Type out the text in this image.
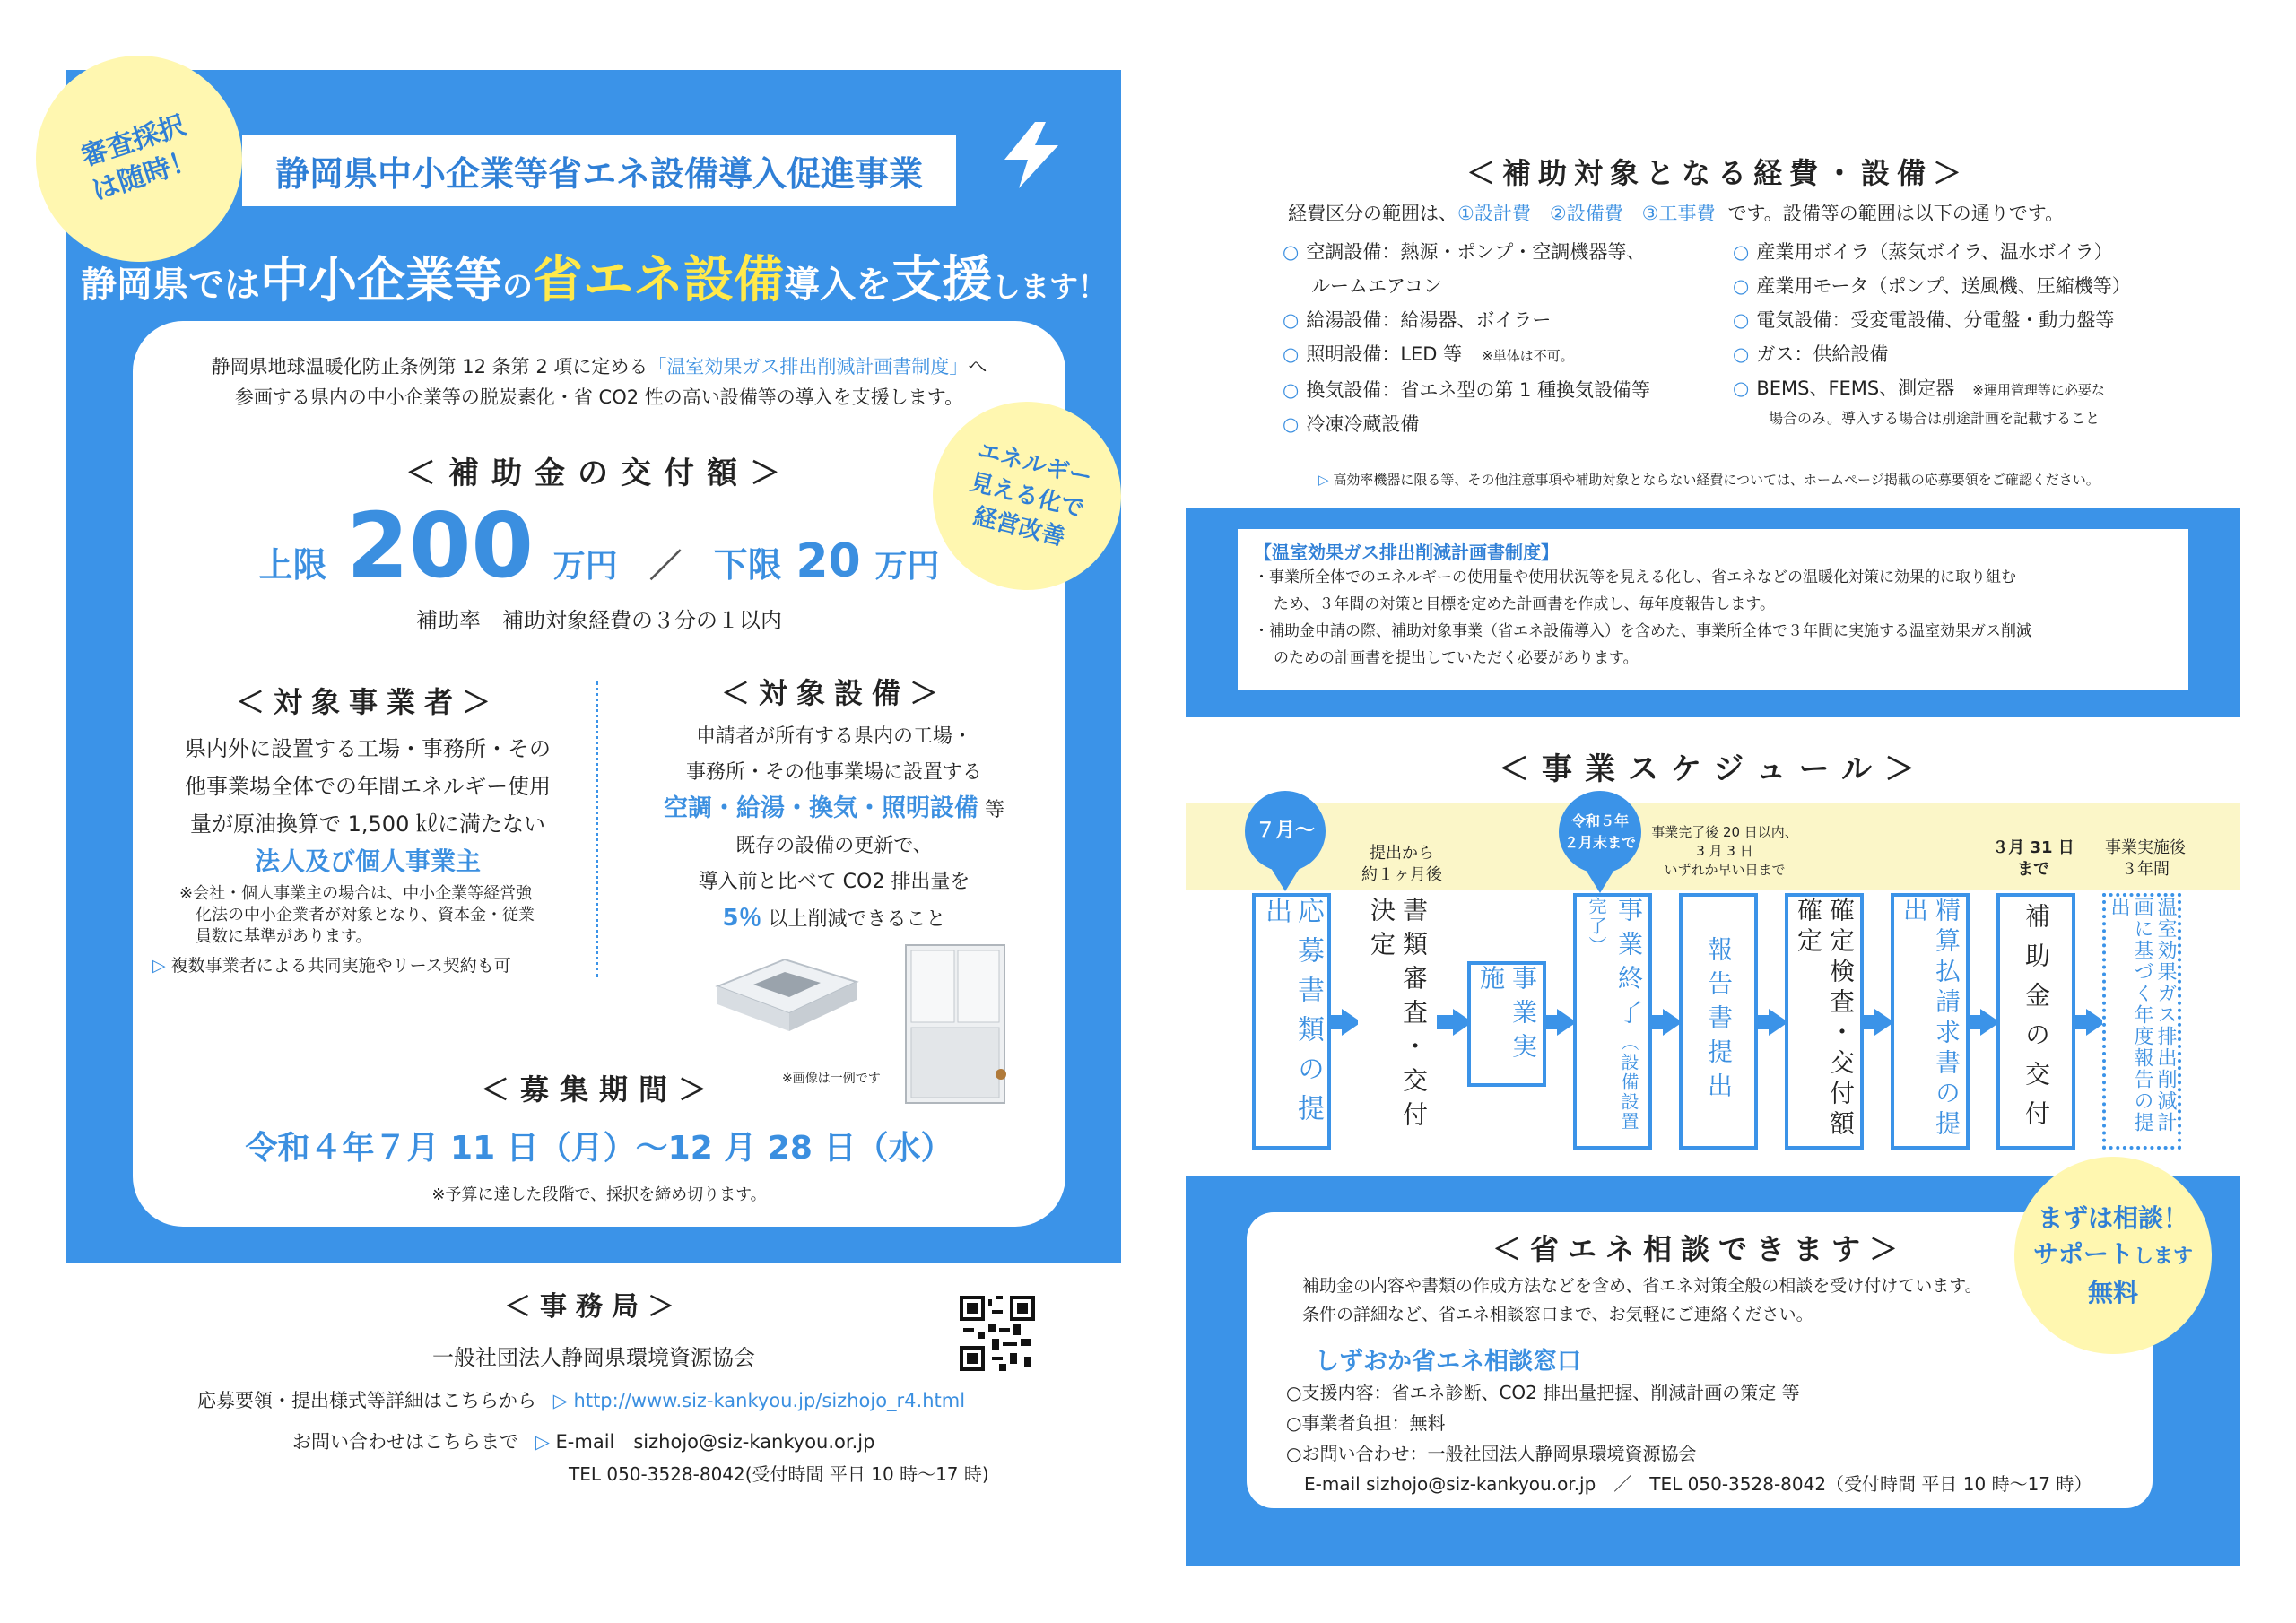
審査採択
は随時！	静岡県中小企業等省エネ設備導入促進事業
静岡県では中小企業等の省エネ設備導入を支援します！
静岡県地球温暖化防止条例第 12 条第 2 項に定める「温室効果ガス排出削減計画書制度」へ
参画する県内の中小企業等の脱炭素化・省 CO2 性の高い設備等の導入を支援します。
エネルギー
見える化で
経営改善
＜補助金の交付額＞
上限 200 万円 ／ 下限 20 万円
補助率　補助対象経費の３分の１以内
＜対象事業者＞
県内外に設置する工場・事務所・その
他事業場全体での年間エネルギー使用
量が原油換算で 1,500 ㎘に満たない
法人及び個人事業主
※会社・個人事業主の場合は、中小企業等経営強
化法の中小企業者が対象となり、資本金・従業
員数に基準があります。
▷ 複数事業者による共同実施やリース契約も可
＜対象設備＞
申請者が所有する県内の工場・
事務所・その他事業場に設置する
空調・給湯・換気・照明設備 等
既存の設備の更新で、
導入前と比べて CO2 排出量を
5％ 以上削減できること
※画像は一例です
＜募集期間＞
令和４年７月 11 日（月）～12 月 28 日（水）
※予算に達した段階で、採択を締め切ります。
＜事務局＞
一般社団法人静岡県環境資源協会
応募要領・提出様式等詳細はこちらから ▷ http://www.siz-kankyou.jp/sizhojo_r4.html
お問い合わせはこちらまで ▷ E-mail　sizhojo@siz-kankyou.or.jp
TEL 050-3528-8042(受付時間 平日 10 時～17 時)
＜補助対象となる経費・設備＞
経費区分の範囲は、①設計費　②設備費　③工事費 です。設備等の範囲は以下の通りです。
○ 空調設備：熱源・ポンプ・空調機器等、
ルームエアコン
○ 給湯設備：給湯器、ボイラー
○ 照明設備：LED 等 ※単体は不可。
○ 換気設備：省エネ型の第 1 種換気設備等
○ 冷凍冷蔵設備
○ 産業用ボイラ（蒸気ボイラ、温水ボイラ）
○ 産業用モータ（ポンプ、送風機、圧縮機等）
○ 電気設備：受変電設備、分電盤・動力盤等
○ ガス：供給設備
○ BEMS、FEMS、測定器 ※運用管理等に必要な
場合のみ。導入する場合は別途計画を記載すること
▷ 高効率機器に限る等、その他注意事項や補助対象とならない経費については、ホームページ掲載の応募要領をご確認ください。
【温室効果ガス排出削減計画書制度】
・事業所全体でのエネルギーの使用量や使用状況等を見える化し、省エネなどの温暖化対策に効果的に取り組む
ため、３年間の対策と目標を定めた計画書を作成し、毎年度報告します。
・補助金申請の際、補助対象事業（省エネ設備導入）を含めた、事業所全体で３年間に実施する温室効果ガス削減
のための計画書を提出していただく必要があります。
＜事業スケジュール＞
７月～	令和５年
２月末まで
提出から
約１ヶ月後
事業完了後 20 日以内、
3 月 3 日
いずれか早い日まで
３月 31 日
まで
事業実施後
３年間
応募書類の提出	書類審査・交付決定
事業実施	事業終了（設備設置完了）
報告書提出	確定検査・交付額確定	精算払請求書の提出	補助金の交付	温室効果ガス排出削減計画に基づく年度報告の提出
＜省エネ相談できます＞
補助金の内容や書類の作成方法などを含め、省エネ対策全般の相談を受け付けています。
条件の詳細など、省エネ相談窓口まで、お気軽にご連絡ください。
しずおか省エネ相談窓口
○支援内容：省エネ診断、CO2 排出量把握、削減計画の策定 等
○事業者負担：無料
○お問い合わせ：一般社団法人静岡県環境資源協会
E-mail sizhojo@siz-kankyou.or.jp　／　TEL 050-3528-8042（受付時間 平日 10 時～17 時）
まずは相談！
サポートします
無料
